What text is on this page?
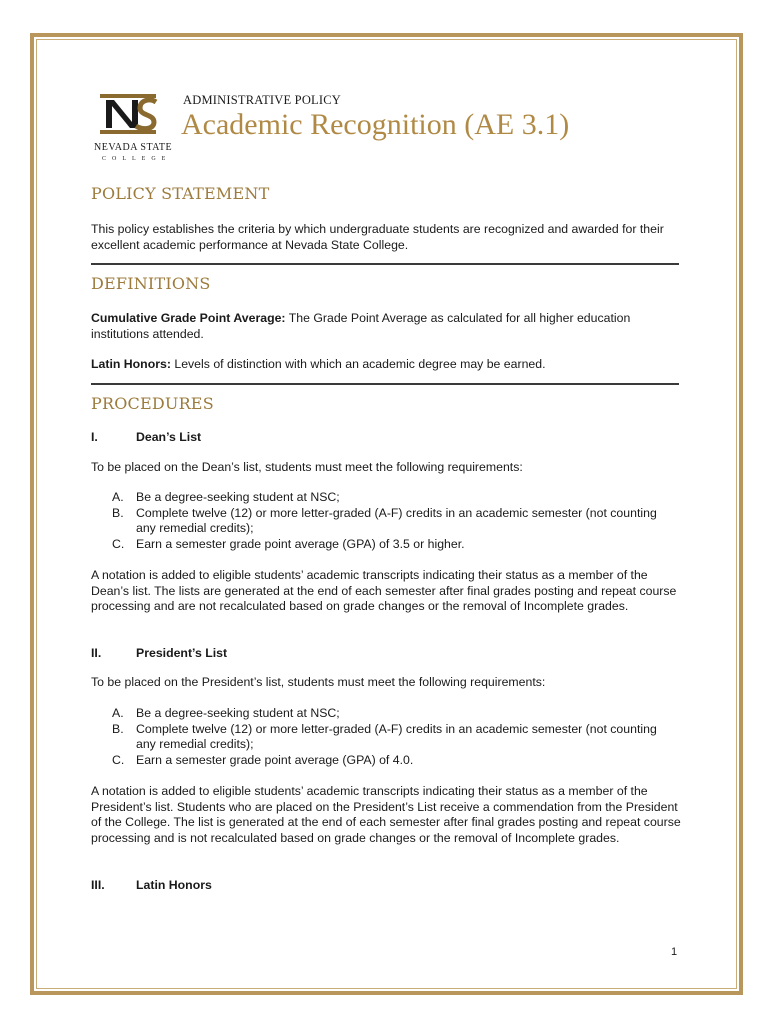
NEVADA STATE
COLLEGE
ADMINISTRATIVE POLICY
Academic Recognition (AE 3.1)
POLICY STATEMENT
This policy establishes the criteria by which undergraduate students are recognized and awarded for their excellent academic performance at Nevada State College.
DEFINITIONS
Cumulative Grade Point Average: The Grade Point Average as calculated for all higher education institutions attended.
Latin Honors: Levels of distinction with which an academic degree may be earned.
PROCEDURES
I.	Dean’s List
To be placed on the Dean’s list, students must meet the following requirements:
A. Be a degree-seeking student at NSC;
B. Complete twelve (12) or more letter-graded (A-F) credits in an academic semester (not counting any remedial credits);
C. Earn a semester grade point average (GPA) of 3.5 or higher.
A notation is added to eligible students’ academic transcripts indicating their status as a member of the Dean’s list. The lists are generated at the end of each semester after final grades posting and repeat course processing and are not recalculated based on grade changes or the removal of Incomplete grades.
II.	President’s List
To be placed on the President’s list, students must meet the following requirements:
A. Be a degree-seeking student at NSC;
B. Complete twelve (12) or more letter-graded (A-F) credits in an academic semester (not counting any remedial credits);
C. Earn a semester grade point average (GPA) of 4.0.
A notation is added to eligible students’ academic transcripts indicating their status as a member of the President’s list. Students who are placed on the President’s List receive a commendation from the President of the College. The list is generated at the end of each semester after final grades posting and repeat course processing and is not recalculated based on grade changes or the removal of Incomplete grades.
III.	Latin Honors
1
